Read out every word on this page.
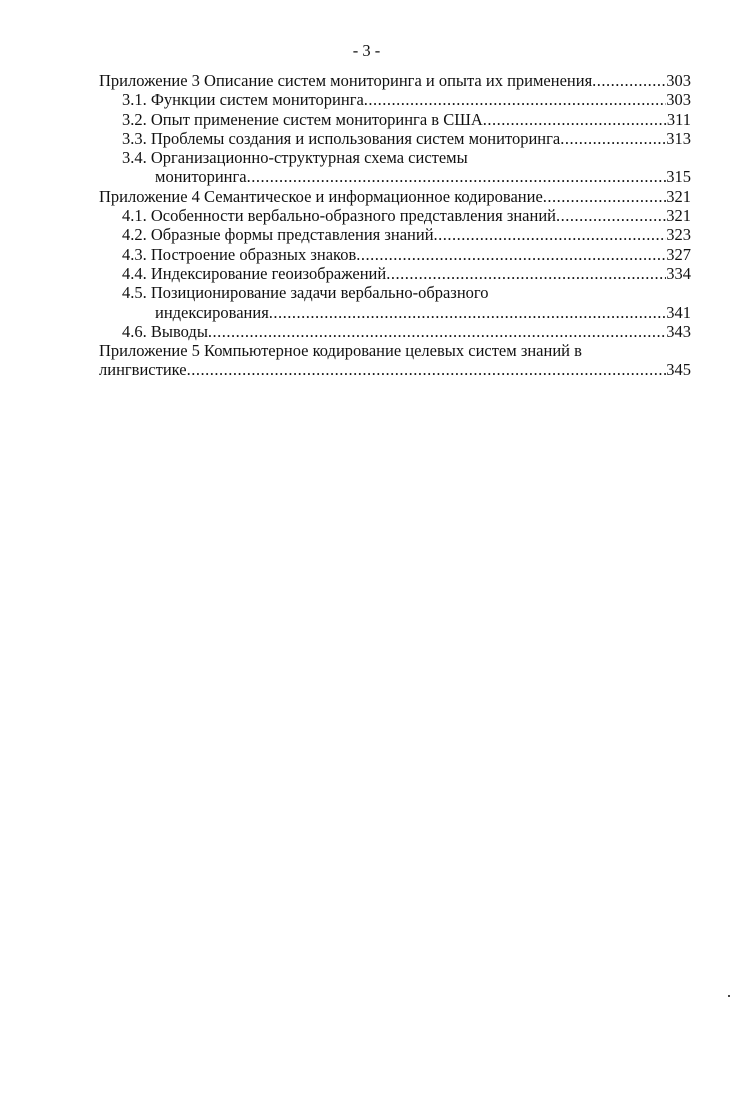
- 3 -
Приложение 3 Описание систем мониторинга и опыта их применения .....	303
3.1. Функции систем мониторинга .....	303
3.2. Опыт применение систем мониторинга в США .....	311
3.3. Проблемы создания и использования систем мониторинга .....	313
3.4. Организационно-структурная схема системы
мониторинга .....	315
Приложение 4 Семантическое и информационное кодирование .....	321
4.1. Особенности вербально-образного представления знаний .....	321
4.2. Образные формы представления знаний .....	323
4.3. Построение образных знаков .....	327
4.4. Индексирование геоизображений .....	334
4.5. Позиционирование задачи вербально-образного
индексирования .....	341
4.6. Выводы .....	343
Приложение 5 Компьютерное кодирование целевых систем знаний в
лингвистике .....	345
